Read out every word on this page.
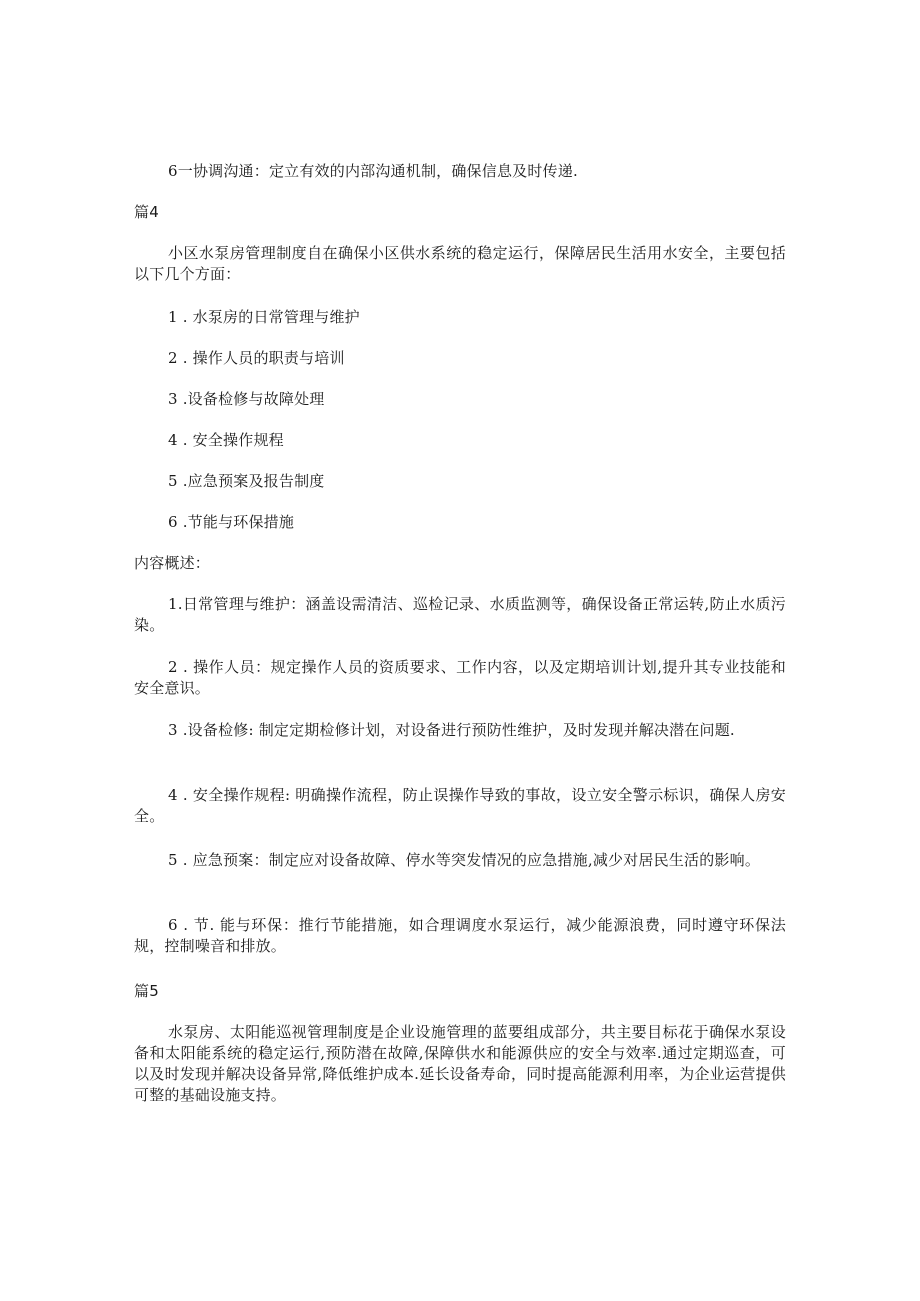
6一协调沟通：定立有效的内部沟通机制，确保信息及时传递.

篇4

小区水泵房管理制度自在确保小区供水系统的稳定运行，保障居民生活用水安全，主要包括以下几个方面：

1 . 水泵房的日常管理与维护

2 . 操作人员的职责与培训

3 .设备检修与故障处理

4 . 安全操作规程

5 .应急预案及报告制度

6 .节能与环保措施

内容概述：

1.日常管理与维护：涵盖设需清洁、巡检记录、水质监测等，确保设备正常运转,防止水质污染。

2 . 操作人员：规定操作人员的资质要求、工作内容，以及定期培训计划,提升其专业技能和安全意识。

3 .设备检修: 制定定期检修计划，对设备进行预防性维护，及时发现并解决潜在问题.

4 . 安全操作规程: 明确操作流程，防止误操作导致的事故，设立安全警示标识，确保人房安全。

5 . 应急预案：制定应对设备故障、停水等突发情况的应急措施,减少对居民生活的影响。

6 . 节. 能与环保：推行节能措施，如合理调度水泵运行，减少能源浪费，同时遵守环保法规，控制噪音和排放。

篇5

水泵房、太阳能巡视管理制度是企业设施管理的蓝要组成部分，共主要目标花于确保水泵设备和太阳能系统的稳定运行,预防潜在故障,保障供水和能源供应的安全与效率.通过定期巡查，可以及时发现并解决设备异常,降低维护成本.延长设备寿命，同时提高能源利用率，为企业运营提供可整的基础设施支持。
